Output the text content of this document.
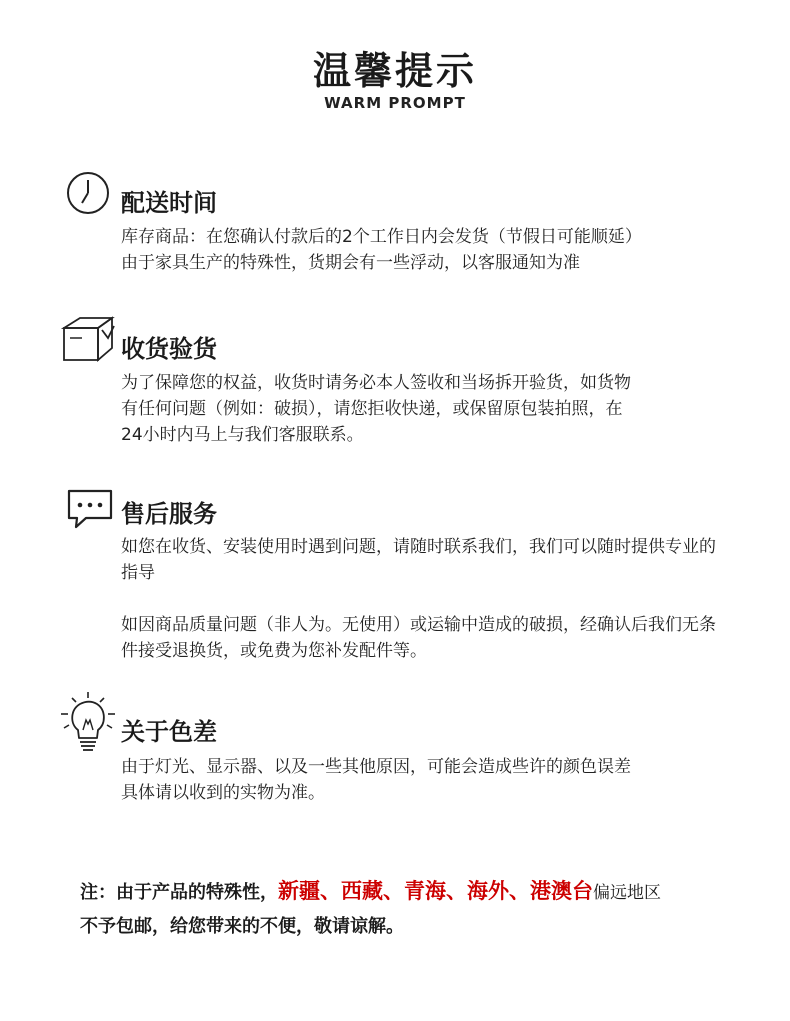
温馨提示
WARM PROMPT
配送时间
库存商品：在您确认付款后的2个工作日内会发货（节假日可能顺延）
由于家具生产的特殊性，货期会有一些浮动，以客服通知为准
收货验货
为了保障您的权益，收货时请务必本人签收和当场拆开验货，如货物
有任何问题（例如：破损），请您拒收快递，或保留原包装拍照，在
24小时内马上与我们客服联系。
售后服务

如您在收货、安装使用时遇到问题，请随时联系我们，我们可以随时提供专业的指导

如因商品质量问题（非人为。无使用）或运输中造成的破损，经确认后我们无条件接受退换货，或免费为您补发配件等。

关于色差
由于灯光、显示器、以及一些其他原因，可能会造成些许的颜色误差
具体请以收到的实物为准。
注：由于产品的特殊性，新疆、西藏、青海、海外、港澳台偏远地区
不予包邮，给您带来的不便，敬请谅解。
